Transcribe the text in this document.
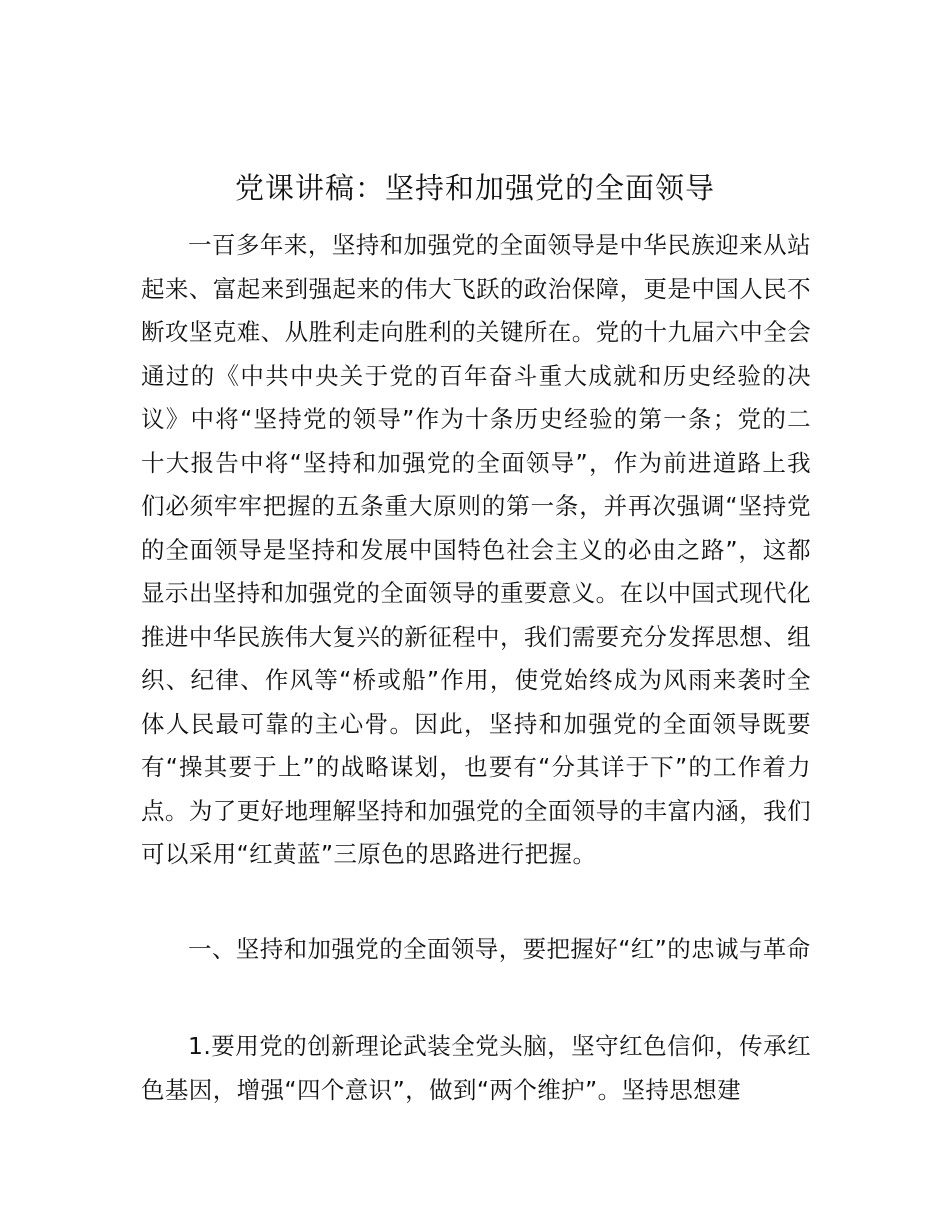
党课讲稿：坚持和加强党的全面领导

一百多年来，坚持和加强党的全面领导是中华民族迎来从站起来、富起来到强起来的伟大飞跃的政治保障，更是中国人民不断攻坚克难、从胜利走向胜利的关键所在。党的十九届六中全会通过的《中共中央关于党的百年奋斗重大成就和历史经验的决议》中将“坚持党的领导”作为十条历史经验的第一条；党的二十大报告中将“坚持和加强党的全面领导”，作为前进道路上我们必须牢牢把握的五条重大原则的第一条，并再次强调“坚持党的全面领导是坚持和发展中国特色社会主义的必由之路”，这都显示出坚持和加强党的全面领导的重要意义。在以中国式现代化推进中华民族伟大复兴的新征程中，我们需要充分发挥思想、组织、纪律、作风等“桥或船”作用，使党始终成为风雨来袭时全体人民最可靠的主心骨。因此，坚持和加强党的全面领导既要有“操其要于上”的战略谋划，也要有“分其详于下”的工作着力点。为了更好地理解坚持和加强党的全面领导的丰富内涵，我们可以采用“红黄蓝”三原色的思路进行把握。

一、坚持和加强党的全面领导，要把握好“红”的忠诚与革命

1.要用党的创新理论武装全党头脑，坚守红色信仰，传承红色基因，增强“四个意识”，做到“两个维护”。坚持思想建
